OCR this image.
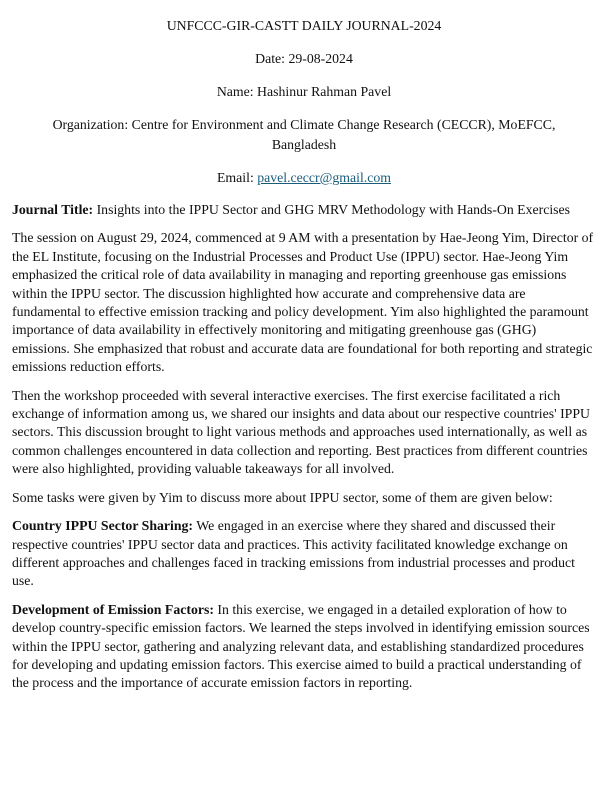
UNFCCC-GIR-CASTT DAILY JOURNAL-2024
Date: 29-08-2024
Name: Hashinur Rahman Pavel
Organization: Centre for Environment and Climate Change Research (CECCR), MoEFCC, Bangladesh
Email: pavel.ceccr@gmail.com

Journal Title: Insights into the IPPU Sector and GHG MRV Methodology with Hands-On Exercises

The session on August 29, 2024, commenced at 9 AM with a presentation by Hae-Jeong Yim, Director of the EL Institute, focusing on the Industrial Processes and Product Use (IPPU) sector. Hae-Jeong Yim emphasized the critical role of data availability in managing and reporting greenhouse gas emissions within the IPPU sector. The discussion highlighted how accurate and comprehensive data are fundamental to effective emission tracking and policy development. Yim also highlighted the paramount importance of data availability in effectively monitoring and mitigating greenhouse gas (GHG) emissions. She emphasized that robust and accurate data are foundational for both reporting and strategic emissions reduction efforts.

Then the workshop proceeded with several interactive exercises. The first exercise facilitated a rich exchange of information among us, we shared our insights and data about our respective countries' IPPU sectors. This discussion brought to light various methods and approaches used internationally, as well as common challenges encountered in data collection and reporting. Best practices from different countries were also highlighted, providing valuable takeaways for all involved.

Some tasks were given by Yim to discuss more about IPPU sector, some of them are given below:

Country IPPU Sector Sharing: We engaged in an exercise where they shared and discussed their respective countries' IPPU sector data and practices. This activity facilitated knowledge exchange on different approaches and challenges faced in tracking emissions from industrial processes and product use.

Development of Emission Factors: In this exercise, we engaged in a detailed exploration of how to develop country-specific emission factors. We learned the steps involved in identifying emission sources within the IPPU sector, gathering and analyzing relevant data, and establishing standardized procedures for developing and updating emission factors. This exercise aimed to build a practical understanding of the process and the importance of accurate emission factors in reporting.
